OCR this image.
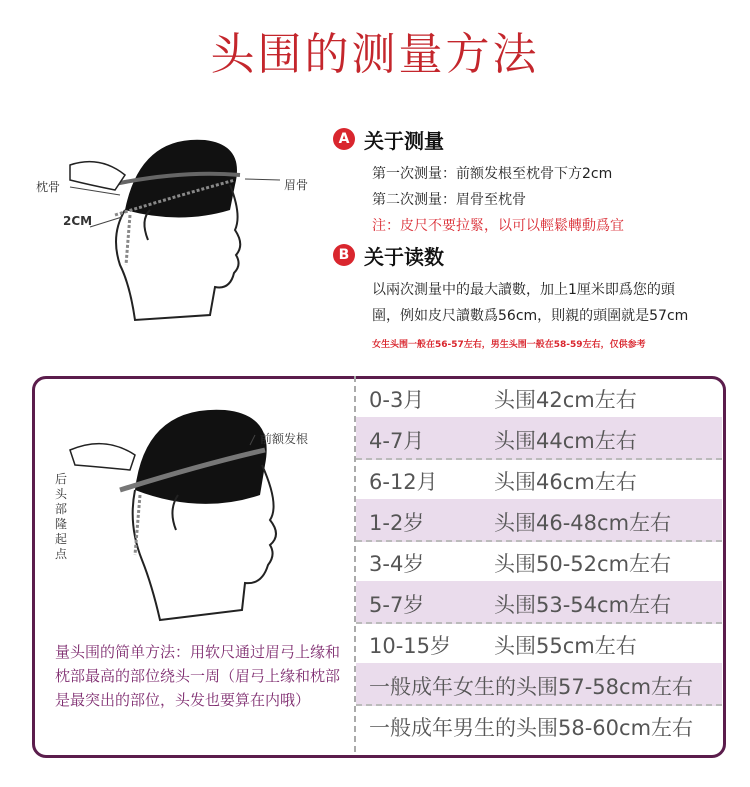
头围的测量方法
枕骨	眉骨
2CM
A 关于测量
第一次测量：前额发根至枕骨下方2cm
第二次测量：眉骨至枕骨
注：皮尺不要拉緊，以可以輕鬆轉動爲宜
B 关于读数
以兩次測量中的最大讀數，加上1厘米即爲您的頭
圍，例如皮尺讀數爲56cm，則親的頭圍就是57cm
女生头围一般在56-57左右，男生头围一般在58-59左右，仅供参考
前额发根
后头部隆起点
量头围的简单方法：用软尺通过眉弓上缘和枕部最高的部位绕头一周（眉弓上缘和枕部是最突出的部位，头发也要算在内哦）
0-3月	头围42cm左右
4-7月	头围44cm左右
6-12月	头围46cm左右
1-2岁	头围46-48cm左右
3-4岁	头围50-52cm左右
5-7岁	头围53-54cm左右
10-15岁 头围55cm左右
一般成年女生的头围57-58cm左右
一般成年男生的头围58-60cm左右
